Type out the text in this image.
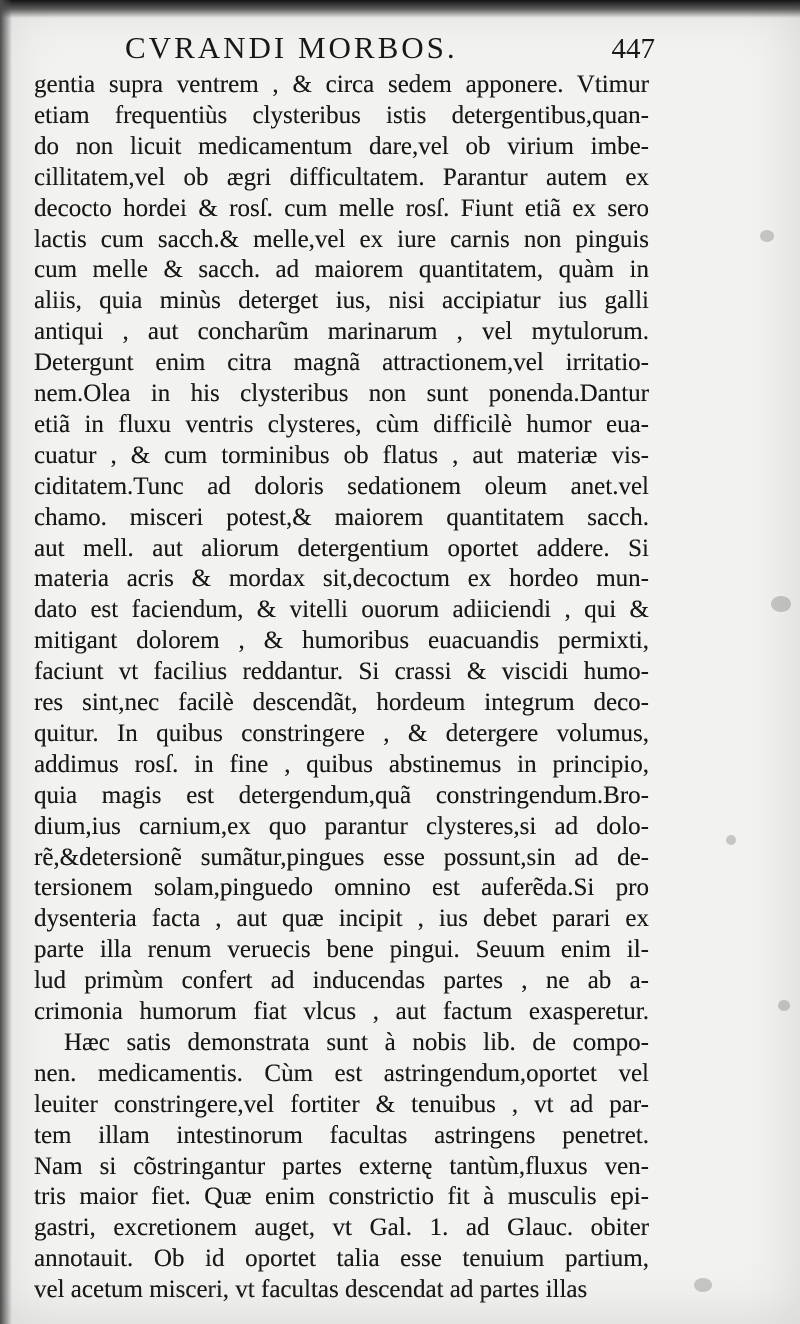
CVRANDI MORBOS.	447
gentia supra ventrem , & circa sedem apponere. Vtimur
etiam frequentiùs clysteribus istis detergentibus,quan-
do non licuit medicamentum dare,vel ob virium imbe-
cillitatem,vel ob ægri difficultatem. Parantur autem ex
decocto hordei & rosſ. cum melle rosſ. Fiunt etiã ex sero
lactis cum sacch.& melle,vel ex iure carnis non pinguis
cum melle & sacch. ad maiorem quantitatem, quàm in
aliis, quia minùs deterget ius, nisi accipiatur ius galli
antiqui , aut concharũm marinarum , vel mytulorum.
Detergunt enim citra magnã attractionem,vel irritatio-
nem.Olea in his clysteribus non sunt ponenda.Dantur
etiã in fluxu ventris clysteres, cùm difficilè humor eua-
cuatur , & cum torminibus ob flatus , aut materiæ vis-
ciditatem.Tunc ad doloris sedationem oleum anet.vel
chamo. misceri potest,& maiorem quantitatem sacch.
aut mell. aut aliorum detergentium oportet addere. Si
materia acris & mordax sit,decoctum ex hordeo mun-
dato est faciendum, & vitelli ouorum adiiciendi , qui &
mitigant dolorem , & humoribus euacuandis permixti,
faciunt vt facilius reddantur. Si crassi & viscidi humo-
res sint,nec facilè descendãt, hordeum integrum deco-
quitur. In quibus constringere , & detergere volumus,
addimus rosſ. in fine , quibus abstinemus in principio,
quia magis est detergendum,quã constringendum.Bro-
dium,ius carnium,ex quo parantur clysteres,si ad dolo-
rẽ,&detersionẽ sumãtur,pingues esse possunt,sin ad de-
tersionem solam,pinguedo omnino est auferẽda.Si pro
dysenteria facta , aut quæ incipit , ius debet parari ex
parte illa renum veruecis bene pingui. Seuum enim il-
lud primùm confert ad inducendas partes , ne ab a-
crimonia humorum fiat vlcus , aut factum exasperetur.
Hæc satis demonstrata sunt à nobis lib. de compo-
nen. medicamentis. Cùm est astringendum,oportet vel
leuiter constringere,vel fortiter & tenuibus , vt ad par-
tem illam intestinorum facultas astringens penetret.
Nam si cõstringantur partes externę tantùm,fluxus ven-
tris maior fiet. Quæ enim constrictio fit à musculis epi-
gastri, excretionem auget, vt Gal. 1. ad Glauc. obiter
annotauit. Ob id oportet talia esse tenuium partium,
vel acetum misceri, vt facultas descendat ad partes illas
